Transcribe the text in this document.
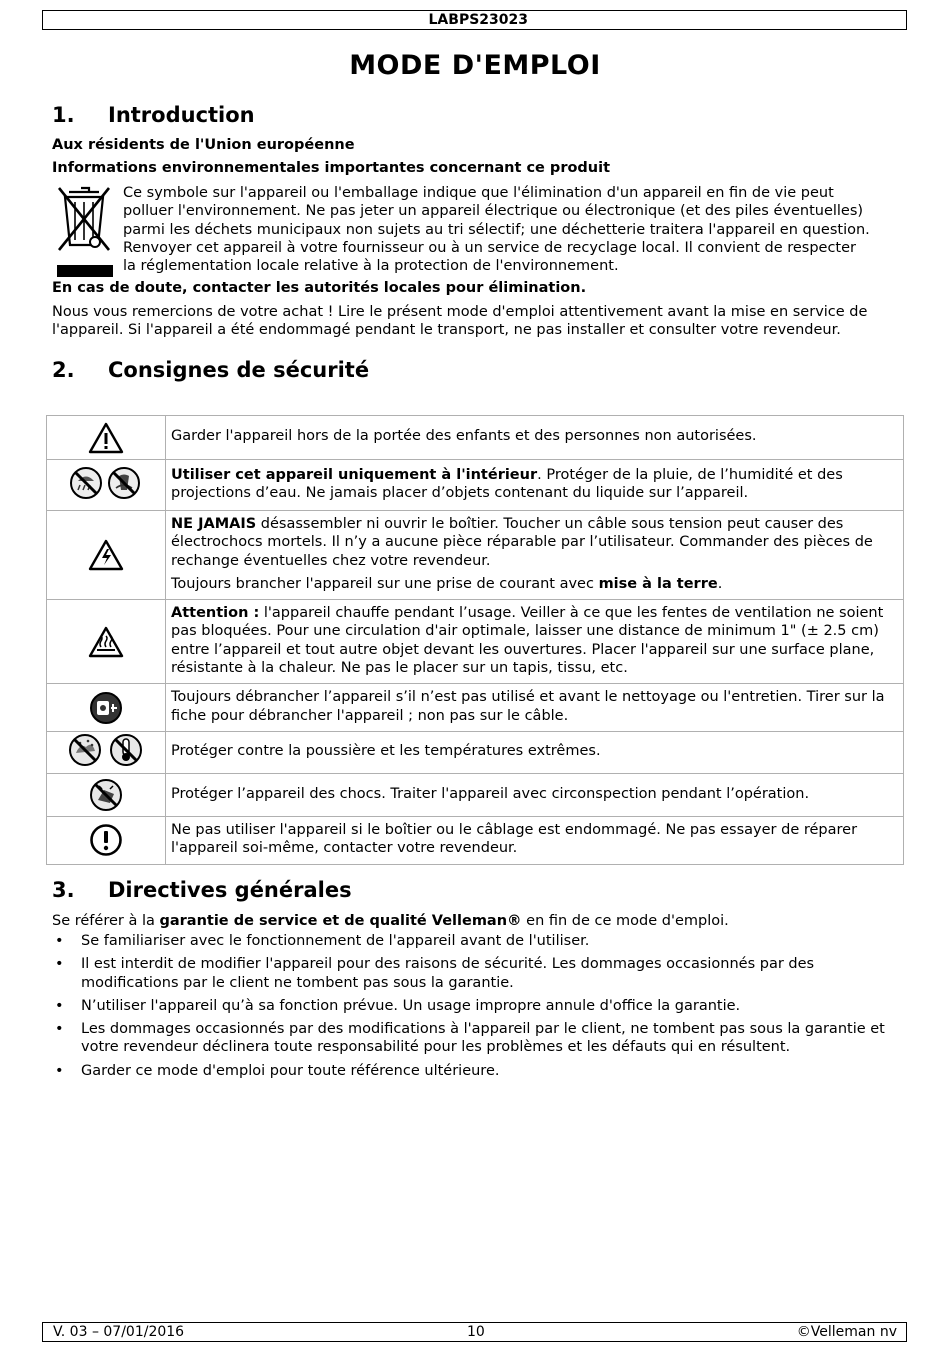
LABPS23023
MODE D'EMPLOI
1. Introduction
Aux résidents de l'Union européenne
Informations environnementales importantes concernant ce produit
Ce symbole sur l'appareil ou l'emballage indique que l'élimination d'un appareil en fin de vie peut
polluer l'environnement. Ne pas jeter un appareil électrique ou électronique (et des piles éventuelles)
parmi les déchets municipaux non sujets au tri sélectif; une déchetterie traitera l'appareil en question.
Renvoyer cet appareil à votre fournisseur ou à un service de recyclage local. Il convient de respecter
la réglementation locale relative à la protection de l'environnement.
En cas de doute, contacter les autorités locales pour élimination.
Nous vous remercions de votre achat ! Lire le présent mode d'emploi attentivement avant la mise en service de
l'appareil. Si l'appareil a été endommagé pendant le transport, ne pas installer et consulter votre revendeur.
2. Consignes de sécurité

Garder l'appareil hors de la portée des enfants et des personnes non autorisées.

Utiliser cet appareil uniquement à l'intérieur. Protéger de la pluie, de l’humidité et des projections d’eau. Ne jamais placer d’objets contenant du liquide sur l’appareil.

NE JAMAIS désassembler ni ouvrir le boîtier. Toucher un câble sous tension peut causer des électrochocs mortels. Il n’y a aucune pièce réparable par l’utilisateur. Commander des pièces de rechange éventuelles chez votre revendeur.

Toujours brancher l'appareil sur une prise de courant avec mise à la terre.

Attention : l'appareil chauffe pendant l’usage. Veiller à ce que les fentes de ventilation ne soient pas bloquées. Pour une circulation d'air optimale, laisser une distance de minimum 1" (± 2.5 cm) entre l’appareil et tout autre objet devant les ouvertures. Placer l'appareil sur une surface plane, résistante à la chaleur. Ne pas le placer sur un tapis, tissu, etc.

Toujours débrancher l’appareil s’il n’est pas utilisé et avant le nettoyage ou l'entretien. Tirer sur la fiche pour débrancher l'appareil ; non pas sur le câble.

Protéger contre la poussière et les températures extrêmes.

Protéger l’appareil des chocs. Traiter l'appareil avec circonspection pendant l’opération.

Ne pas utiliser l'appareil si le boîtier ou le câblage est endommagé. Ne pas essayer de réparer l'appareil soi-même, contacter votre revendeur.

3. Directives générales
Se référer à la garantie de service et de qualité Velleman® en fin de ce mode d'emploi.
• Se familiariser avec le fonctionnement de l'appareil avant de l'utiliser.
• Il est interdit de modifier l'appareil pour des raisons de sécurité. Les dommages occasionnés par des modifications par le client ne tombent pas sous la garantie.
• N’utiliser l'appareil qu’à sa fonction prévue. Un usage impropre annule d'office la garantie.
• Les dommages occasionnés par des modifications à l'appareil par le client, ne tombent pas sous la garantie et votre revendeur déclinera toute responsabilité pour les problèmes et les défauts qui en résultent.
• Garder ce mode d'emploi pour toute référence ultérieure.
V. 03 – 07/01/2016	10	©Velleman nv
